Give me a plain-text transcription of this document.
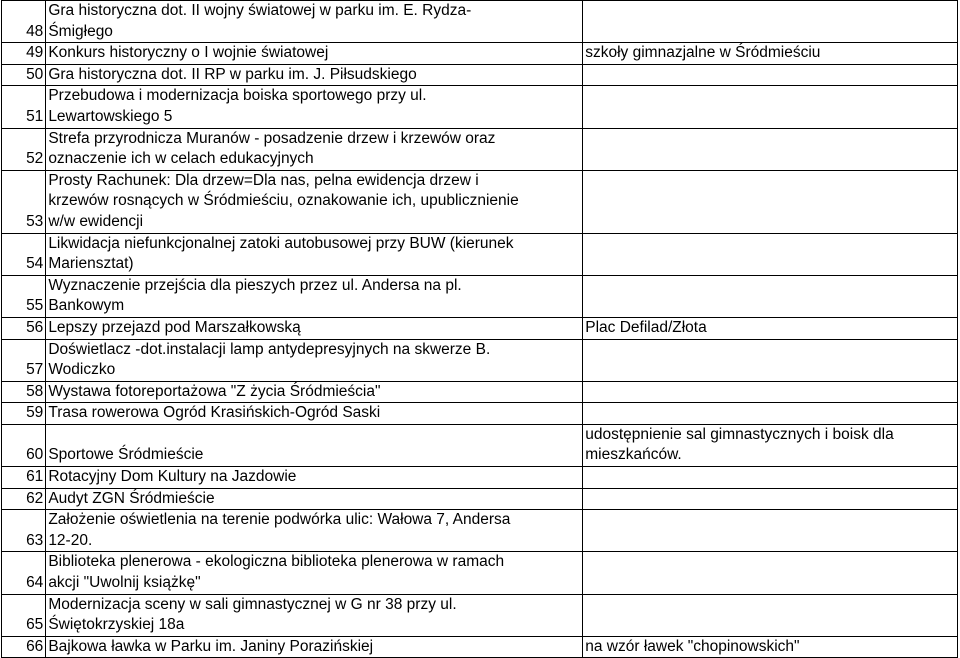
48	Gra historyczna dot. II wojny światowej w parku im. E. Rydza-
Śmigłego	
49	Konkurs historyczny o I wojnie światowej	szkoły gimnazjalne w Śródmieściu
50	Gra historyczna dot. II RP w parku im. J. Piłsudskiego	
51	Przebudowa i modernizacja boiska sportowego przy ul.
Lewartowskiego 5	
52	Strefa przyrodnicza Muranów - posadzenie drzew i krzewów oraz
oznaczenie ich w celach edukacyjnych	
53	Prosty Rachunek: Dla drzew=Dla nas, pelna ewidencja drzew i
krzewów rosnących w Śródmieściu, oznakowanie ich, upublicznienie
w/w ewidencji	
54	Likwidacja niefunkcjonalnej zatoki autobusowej przy BUW (kierunek
Mariensztat)	
55	Wyznaczenie przejścia dla pieszych przez ul. Andersa na pl.
Bankowym	
56	Lepszy przejazd pod Marszałkowską	Plac Defilad/Złota
57	Doświetlacz -dot.instalacji lamp antydepresyjnych na skwerze B.
Wodiczko	
58	Wystawa fotoreportażowa "Z życia Śródmieścia"	
59	Trasa rowerowa Ogród Krasińskich-Ogród Saski	
60	Sportowe Śródmieście	udostępnienie sal gimnastycznych i boisk dla
mieszkańców.
61	Rotacyjny Dom Kultury na Jazdowie	
62	Audyt ZGN Śródmieście	
63	Założenie oświetlenia na terenie podwórka ulic: Wałowa 7, Andersa
12-20.	
64	Biblioteka plenerowa - ekologiczna biblioteka plenerowa w ramach
akcji "Uwolnij książkę"	
65	Modernizacja sceny w sali gimnastycznej w G nr 38 przy ul.
Świętokrzyskiej 18a	
66	Bajkowa ławka w Parku im. Janiny Porazińskiej	na wzór ławek "chopinowskich"
